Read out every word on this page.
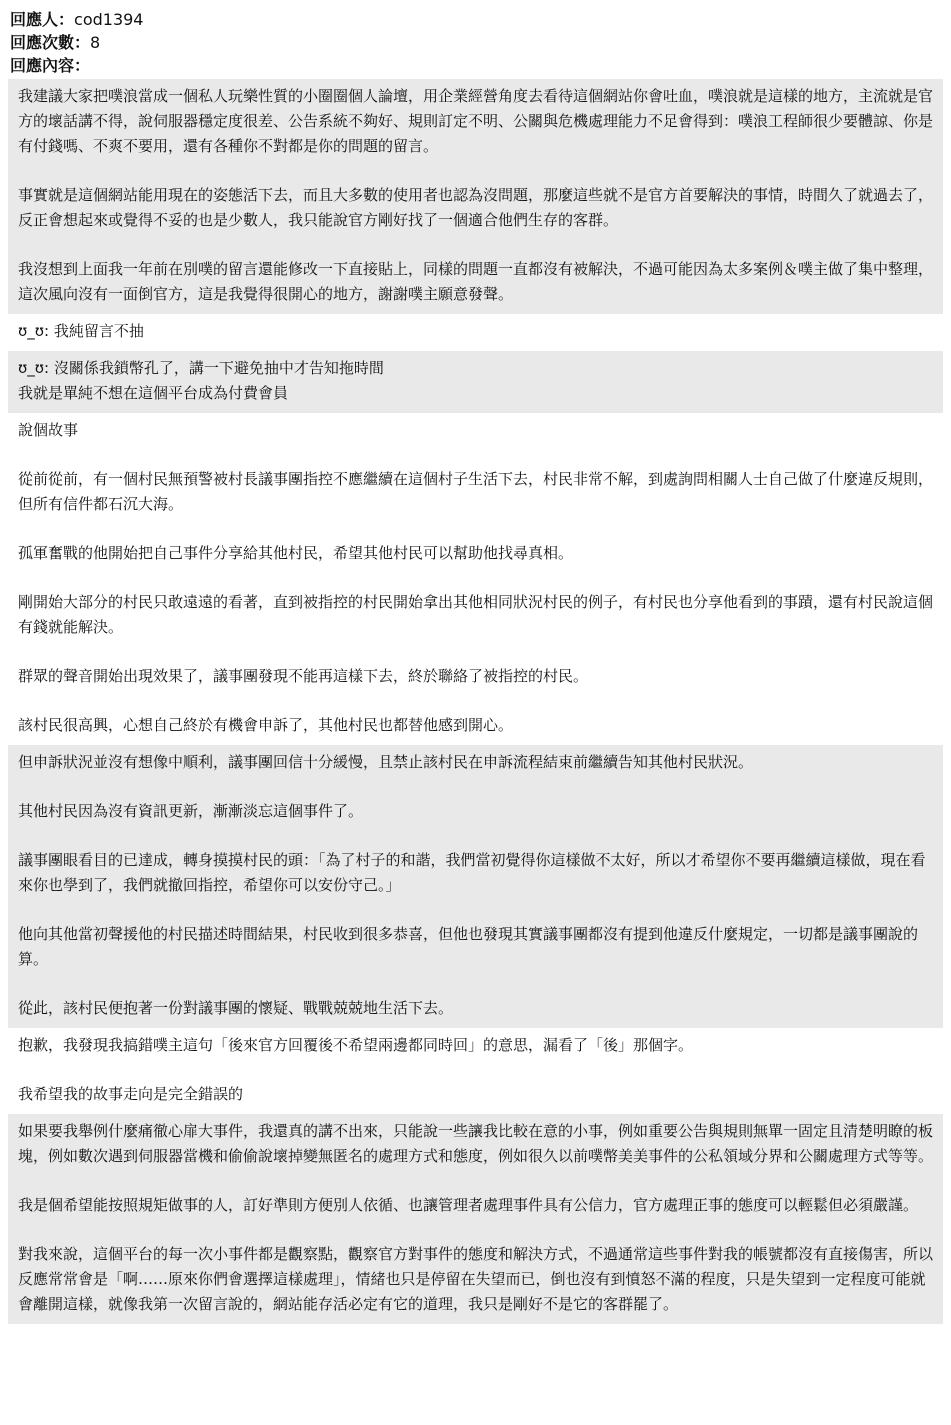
回應人：cod1394
回應次數：8
回應內容：

我建議大家把噗浪當成一個私人玩樂性質的小圈圈個人論壇，用企業經營角度去看待這個網站你會吐血，噗浪就是這樣的地方，主流就是官方的壞話講不得，說伺服器穩定度很差、公告系統不夠好、規則訂定不明、公關與危機處理能力不足會得到：噗浪工程師很少要體諒、你是有付錢嗎、不爽不要用，還有各種你不對都是你的問題的留言。

事實就是這個網站能用現在的姿態活下去，而且大多數的使用者也認為沒問題，那麼這些就不是官方首要解決的事情，時間久了就過去了，反正會想起來或覺得不妥的也是少數人，我只能說官方剛好找了一個適合他們生存的客群。

我沒想到上面我一年前在別噗的留言還能修改一下直接貼上，同樣的問題一直都沒有被解決，不過可能因為太多案例＆噗主做了集中整理，這次風向沒有一面倒官方，這是我覺得很開心的地方，謝謝噗主願意發聲。

ʊ_ʊ: 我純留言不抽

ʊ_ʊ: 沒關係我鎖幣孔了，講一下避免抽中才告知拖時間
我就是單純不想在這個平台成為付費會員

說個故事

從前從前，有一個村民無預警被村長議事團指控不應繼續在這個村子生活下去，村民非常不解，到處詢問相關人士自己做了什麼違反規則，但所有信件都石沉大海。

孤軍奮戰的他開始把自己事件分享給其他村民，希望其他村民可以幫助他找尋真相。

剛開始大部分的村民只敢遠遠的看著，直到被指控的村民開始拿出其他相同狀況村民的例子，有村民也分享他看到的事蹟，還有村民說這個有錢就能解決。

群眾的聲音開始出現效果了，議事團發現不能再這樣下去，終於聯絡了被指控的村民。

該村民很高興，心想自己終於有機會申訴了，其他村民也都替他感到開心。

但申訴狀況並沒有想像中順利，議事團回信十分緩慢，且禁止該村民在申訴流程結束前繼續告知其他村民狀況。

其他村民因為沒有資訊更新，漸漸淡忘這個事件了。

議事團眼看目的已達成，轉身摸摸村民的頭：「為了村子的和諧，我們當初覺得你這樣做不太好，所以才希望你不要再繼續這樣做，現在看來你也學到了，我們就撤回指控，希望你可以安份守己。」

他向其他當初聲援他的村民描述時間結果，村民收到很多恭喜，但他也發現其實議事團都沒有提到他違反什麼規定，一切都是議事團說的算。

從此，該村民便抱著一份對議事團的懷疑、戰戰兢兢地生活下去。

抱歉，我發現我搞錯噗主這句「後來官方回覆後不希望兩邊都同時回」的意思，漏看了「後」那個字。

我希望我的故事走向是完全錯誤的

如果要我舉例什麼痛徹心扉大事件，我還真的講不出來，只能說一些讓我比較在意的小事，例如重要公告與規則無單一固定且清楚明瞭的板塊，例如數次遇到伺服器當機和偷偷說壞掉變無匿名的處理方式和態度，例如很久以前噗幣美美事件的公私領域分界和公關處理方式等等。

我是個希望能按照規矩做事的人，訂好準則方便別人依循、也讓管理者處理事件具有公信力，官方處理正事的態度可以輕鬆但必須嚴謹。

對我來說，這個平台的每一次小事件都是觀察點，觀察官方對事件的態度和解決方式，不過通常這些事件對我的帳號都沒有直接傷害，所以反應常常會是「啊……原來你們會選擇這樣處理」，情緒也只是停留在失望而已，倒也沒有到憤怒不滿的程度，只是失望到一定程度可能就會離開這樣，就像我第一次留言說的，網站能存活必定有它的道理，我只是剛好不是它的客群罷了。
